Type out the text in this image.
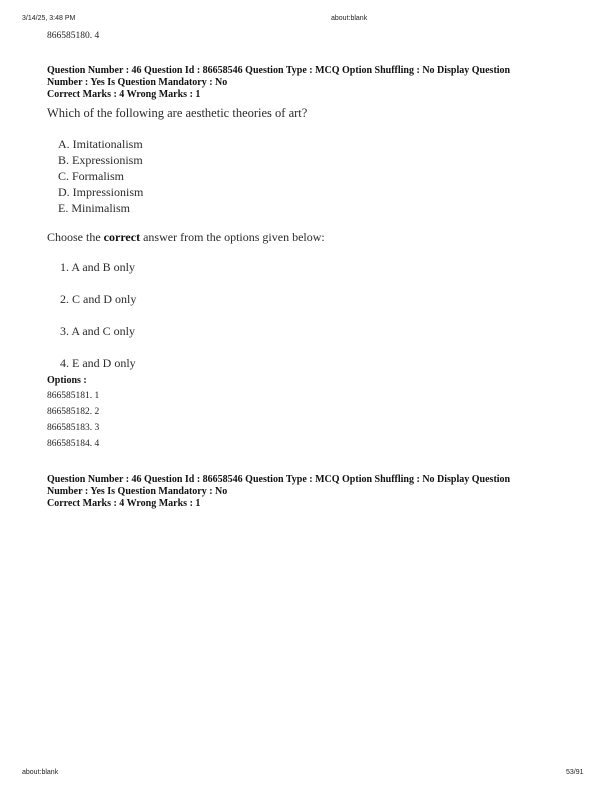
3/14/25, 3:48 PM	about:blank
866585180. 4
Question Number : 46 Question Id : 86658546 Question Type : MCQ Option Shuffling : No Display Question
Number : Yes Is Question Mandatory : No
Correct Marks : 4 Wrong Marks : 1
Which of the following are aesthetic theories of art?
A. Imitationalism
B. Expressionism
C. Formalism
D. Impressionism
E. Minimalism
Choose the correct answer from the options given below:
1. A and B only
2. C and D only
3. A and C only
4. E and D only
Options :
866585181. 1
866585182. 2
866585183. 3
866585184. 4
Question Number : 46 Question Id : 86658546 Question Type : MCQ Option Shuffling : No Display Question
Number : Yes Is Question Mandatory : No
Correct Marks : 4 Wrong Marks : 1
about:blank	53/91
